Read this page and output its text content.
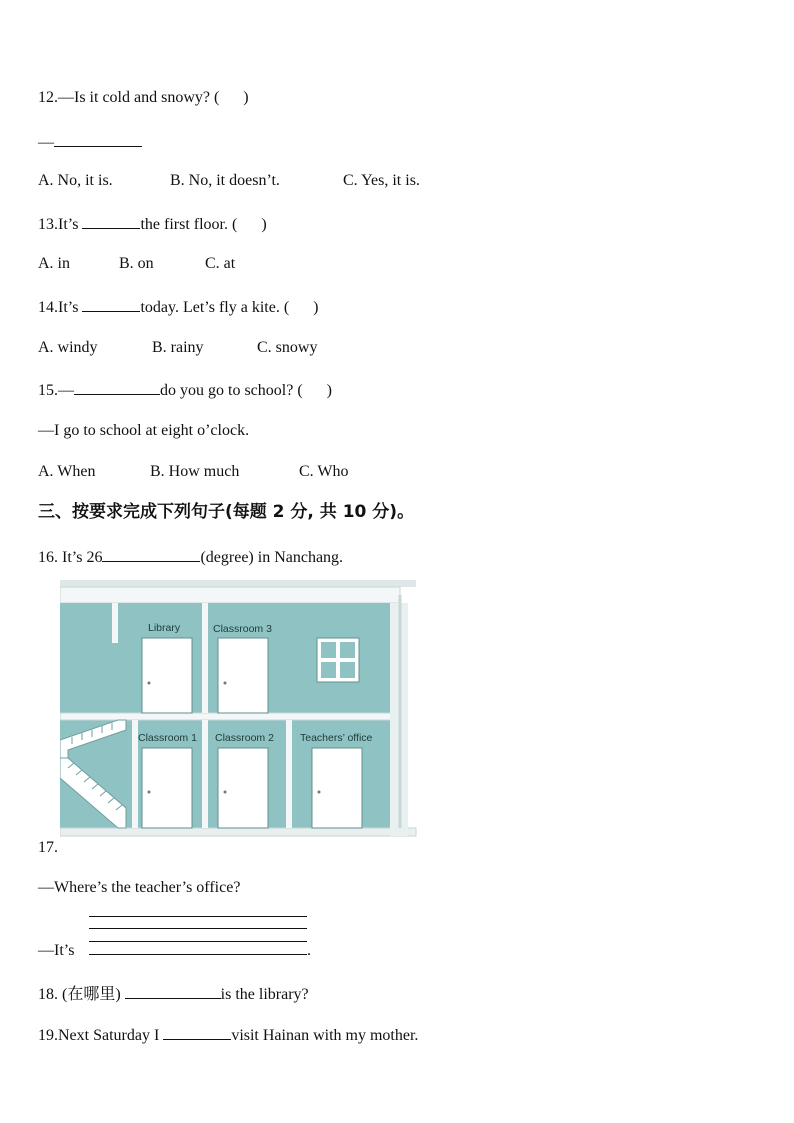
12.—Is it cold and snowy? (      )
—
A. No, it is.	B. No, it doesn’t.	C. Yes, it is.
13.It’s	the first floor. (      )
A. in	B. on	C. at
14.It’s	today. Let’s fly a kite. (      )
A. windy	B. rainy	C. snowy
15.—	do you go to school? (      )
—I go to school at eight o’clock.
A. When	B. How much	C. Who
三、按要求完成下列句子(每题 2 分, 共 10 分)。
16. It’s 26	(degree) in Nanchang.
Library	Classroom 3
Classroom 1 Classroom 2 Teachers’ office
17.
—Where’s the teacher’s office?
—It’s	.
18. (在哪里)	is the library?
19.Next Saturday I	visit Hainan with my mother.
